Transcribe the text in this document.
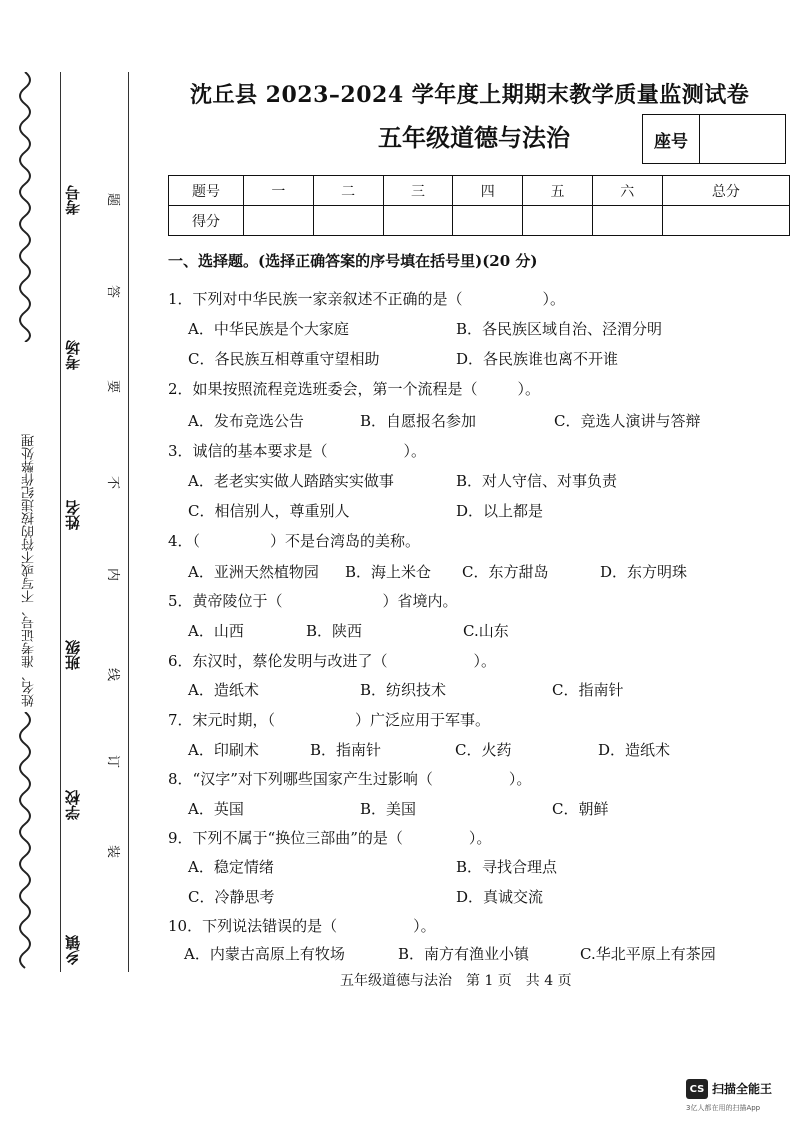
姓名、准考证号、不写或不符的按违纪作弊处理
考号
考场
姓名
班级
学校
乡镇
题
答
要
不
内
线
订
装
沈丘县 2023–2024 学年度上期期末教学质量监测试卷
五年级道德与法治	座号
题号	一	二	三	四	五	六	总分
得分							
一、选择题。(选择正确答案的序号填在括号里)(20 分)
1．下列对中华民族一家亲叙述不正确的是（	）。
A．中华民族是个大家庭	B．各民族区域自治、泾渭分明
C．各民族互相尊重守望相助	D．各民族谁也离不开谁
2．如果按照流程竞选班委会，第一个流程是（	）。
A．发布竞选公告	B．自愿报名参加	C．竞选人演讲与答辩
3．诚信的基本要求是（	）。
A．老老实实做人踏踏实实做事	B．对人守信、对事负责
C．相信别人，尊重别人	D．以上都是
4．（	）不是台湾岛的美称。
A．亚洲天然植物园 B．海上米仓 C．东方甜岛	D．东方明珠
5．黄帝陵位于（	）省境内。
A．山西	B．陕西	C.山东
6．东汉时，蔡伦发明与改进了（	）。
A．造纸术	B．纺织技术	C．指南针
7．宋元时期，（	）广泛应用于军事。
A．印刷术	B．指南针	C．火药	D．造纸术
8．“汉字”对下列哪些国家产生过影响（	）。
A．英国	B．美国	C．朝鲜
9．下列不属于“换位三部曲”的是（	）。
A．稳定情绪	B．寻找合理点
C．冷静思考	D．真诚交流
10．下列说法错误的是（	）。
A．内蒙古高原上有牧场	B．南方有渔业小镇	C.华北平原上有茶园
五年级道德与法治　第 1 页　共 4 页
CS 扫描全能王
3亿人都在用的扫描App
